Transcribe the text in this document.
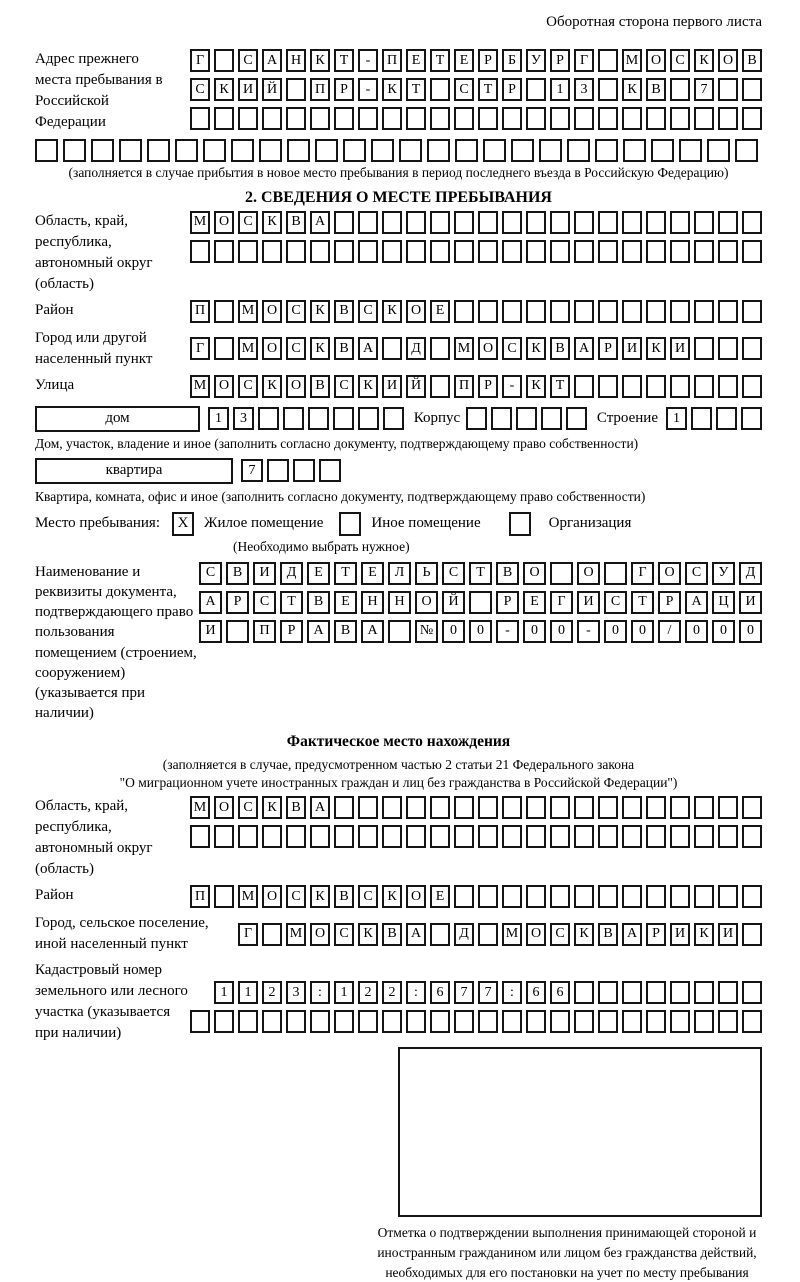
Оборотная сторона первого листа
Адрес прежнего места пребывания в Российской Федерации
Г	С	А Н	К	Т	-	П	Е	Т	Е	Р	Б	У	Р	Г	М О	С	К	О	В
С	К	И Й	П	Р	-	К	Т	С	Т	Р	1	3	К	В	7
(заполняется в случае прибытия в новое место пребывания в период последнего въезда в Российскую Федерацию)
2. СВЕДЕНИЯ О МЕСТЕ ПРЕБЫВАНИЯ
Область, край, республика, автономный округ (область)
М О	С	К	В	А
Район	П	М О	С	К	В	С	К	О	Е
Город или другой населенный пункт
Г	М О	С	К	В	А	Д	М О	С	К	В	А	Р	И	К	И
Улица	М О	С	К	О	В	С	К	И Й	П	Р	-	К	Т
дом	1	3	Корпус	Строение	1
Дом, участок, владение и иное (заполнить согласно документу, подтверждающему право собственности)
квартира	7
Квартира, комната, офис и иное (заполнить согласно документу, подтверждающему право собственности)
Место пребывания:	X	Жилое помещение	Иное помещение	Организация
(Необходимо выбрать нужное)
Наименование и реквизиты документа, подтверждающего право пользования помещением (строением, сооружением) (указывается при наличии)
С	В	И	Д	Е	Т	Е	Л	Ь	С	Т	В	О	О	Г	О	С	У	Д
А	Р	С	Т	В	Е	Н	Н	О	Й	Р	Е	Г	И	С	Т	Р	А	Ц	И
И	П	Р	А	В	А	№	0	0	-	0	0	-	0	0	/	0	0	0
Фактическое место нахождения
(заполняется в случае, предусмотренном частью 2 статьи 21 Федерального закона
"О миграционном учете иностранных граждан и лиц без гражданства в Российской Федерации")
Область, край, республика, автономный округ (область)
М О	С	К	В	А
Район	П	М О	С	К	В	С	К	О	Е
Город, сельское поселение, иной населенный пункт
Г	М О	С	К	В	А	Д	М О	С	К	В	А	Р	И	К	И
Кадастровый номер земельного или лесного участка (указывается при наличии)
1	1	2	3	:	1	2	2	:	6	7	7	:	6	6
Отметка о подтверждении выполнения принимающей стороной и иностранным гражданином или лицом без гражданства действий, необходимых для его постановки на учет по месту пребывания
